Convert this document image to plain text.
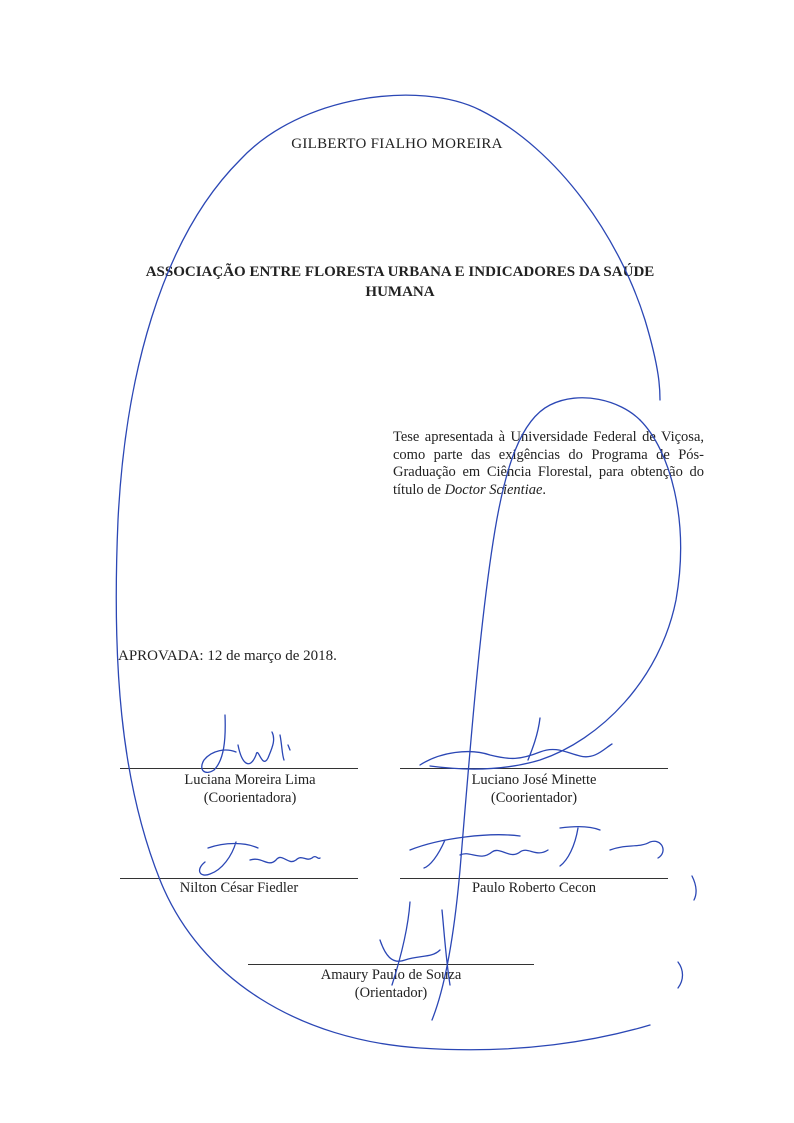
GILBERTO FIALHO MOREIRA
ASSOCIAÇÃO ENTRE FLORESTA URBANA E INDICADORES DA SAÚDE
HUMANA
Tese apresentada à Universidade Federal de Viçosa, como parte das exigências do Programa de Pós-Graduação em Ciência Florestal, para obtenção do título de Doctor Scientiae.
APROVADA: 12 de março de 2018.
Luciana Moreira Lima
(Coorientadora)
Luciano José Minette
(Coorientador)
Nilton César Fiedler	Paulo Roberto Cecon
Amaury Paulo de Souza
(Orientador)
